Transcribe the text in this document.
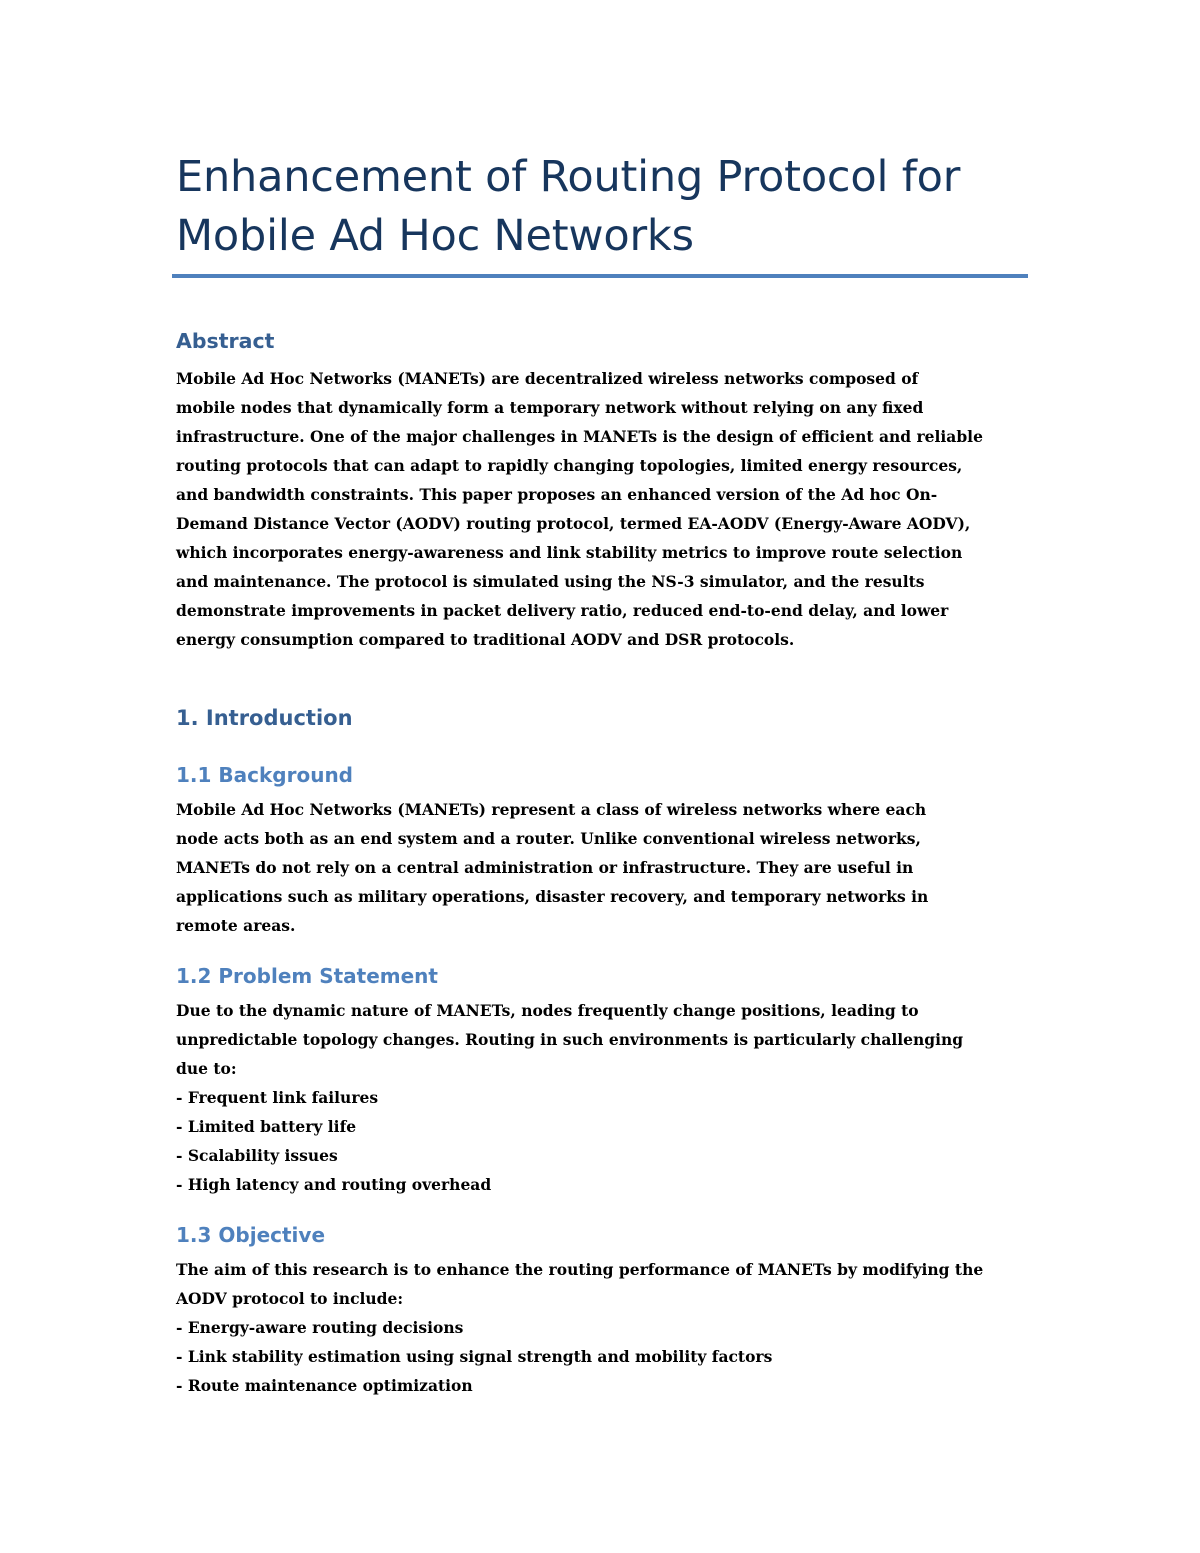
Enhancement of Routing Protocol for
Mobile Ad Hoc Networks
Abstract
Mobile Ad Hoc Networks (MANETs) are decentralized wireless networks composed of
mobile nodes that dynamically form a temporary network without relying on any fixed
infrastructure. One of the major challenges in MANETs is the design of efficient and reliable
routing protocols that can adapt to rapidly changing topologies, limited energy resources,
and bandwidth constraints. This paper proposes an enhanced version of the Ad hoc On-
Demand Distance Vector (AODV) routing protocol, termed EA-AODV (Energy-Aware AODV),
which incorporates energy-awareness and link stability metrics to improve route selection
and maintenance. The protocol is simulated using the NS-3 simulator, and the results
demonstrate improvements in packet delivery ratio, reduced end-to-end delay, and lower
energy consumption compared to traditional AODV and DSR protocols.
1. Introduction
1.1 Background
Mobile Ad Hoc Networks (MANETs) represent a class of wireless networks where each
node acts both as an end system and a router. Unlike conventional wireless networks,
MANETs do not rely on a central administration or infrastructure. They are useful in
applications such as military operations, disaster recovery, and temporary networks in
remote areas.
1.2 Problem Statement
Due to the dynamic nature of MANETs, nodes frequently change positions, leading to
unpredictable topology changes. Routing in such environments is particularly challenging
due to:
- Frequent link failures
- Limited battery life
- Scalability issues
- High latency and routing overhead
1.3 Objective
The aim of this research is to enhance the routing performance of MANETs by modifying the
AODV protocol to include:
- Energy-aware routing decisions
- Link stability estimation using signal strength and mobility factors
- Route maintenance optimization
